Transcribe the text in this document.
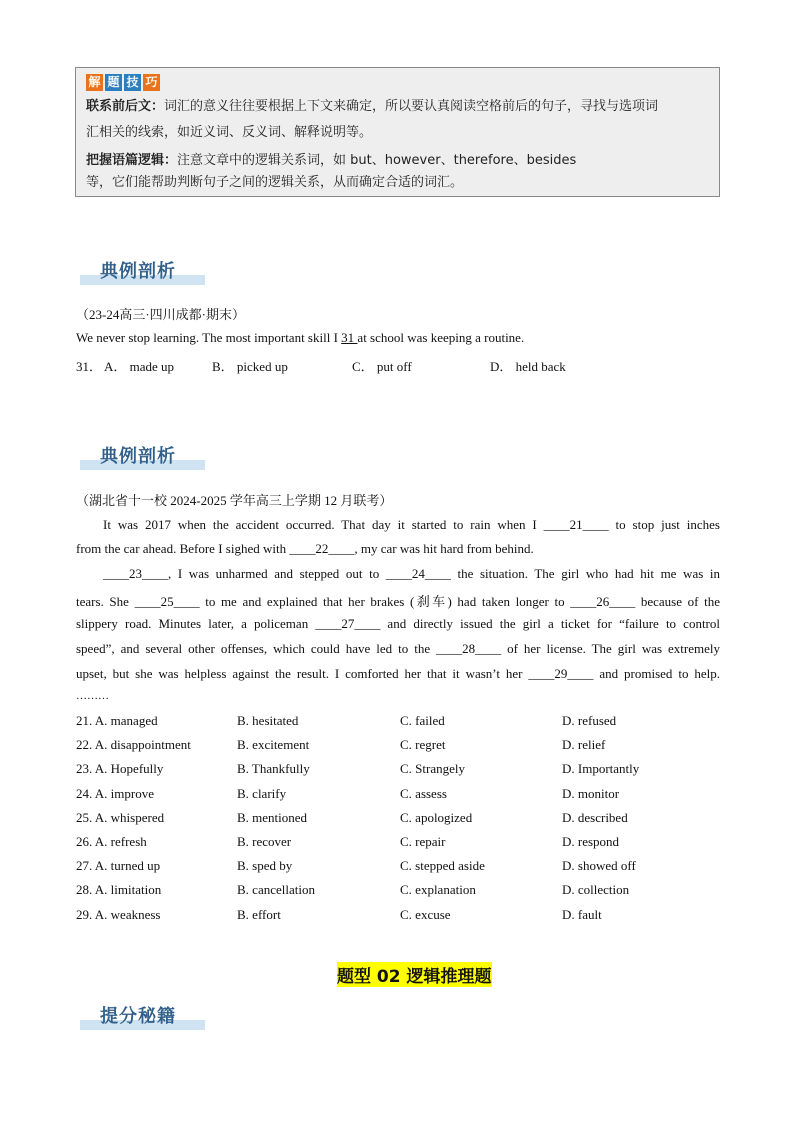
解 题 技 巧
联系前后文：词汇的意义往往要根据上下文来确定，所以要认真阅读空格前后的句子，寻找与选项词
汇相关的线索，如近义词、反义词、解释说明等。
把握语篇逻辑：注意文章中的逻辑关系词，如 but、however、therefore、besides
等，它们能帮助判断句子之间的逻辑关系，从而确定合适的词汇。
典例剖析
（23-24高三·四川成都·期末）
We never stop learning. The most important skill I 31 at school was keeping a routine.
31． A． made up	B． picked up	C． put off	D． held back
典例剖析
（湖北省十一校 2024-2025 学年高三上学期 12 月联考）
It was 2017 when the accident occurred. That day it started to rain when I ____21____ to stop just inches
from the car ahead. Before I sighed with ____22____, my car was hit hard from behind.
____23____, I was unharmed and stepped out to ____24____ the situation. The girl who had hit me was in
tears. She ____25____ to me and explained that her brakes (刹车) had taken longer to ____26____ because of the
slippery road. Minutes later, a policeman ____27____ and directly issued the girl a ticket for “failure to control
speed”, and several other offenses, which could have led to the ____28____ of her license. The girl was extremely
upset, but she was helpless against the result. I comforted her that it wasn’t her ____29____ and promised to help.
………
21. A. managed	B. hesitated	C. failed	D. refused
22. A. disappointment	B. excitement	C. regret	D. relief
23. A. Hopefully	B. Thankfully	C. Strangely	D. Importantly
24. A. improve	B. clarify	C. assess	D. monitor
25. A. whispered	B. mentioned	C. apologized	D. described
26. A. refresh	B. recover	C. repair	D. respond
27. A. turned up	B. sped by	C. stepped aside	D. showed off
28. A. limitation	B. cancellation	C. explanation	D. collection
29. A. weakness	B. effort	C. excuse	D. fault
题型 02 逻辑推理题
提分秘籍
